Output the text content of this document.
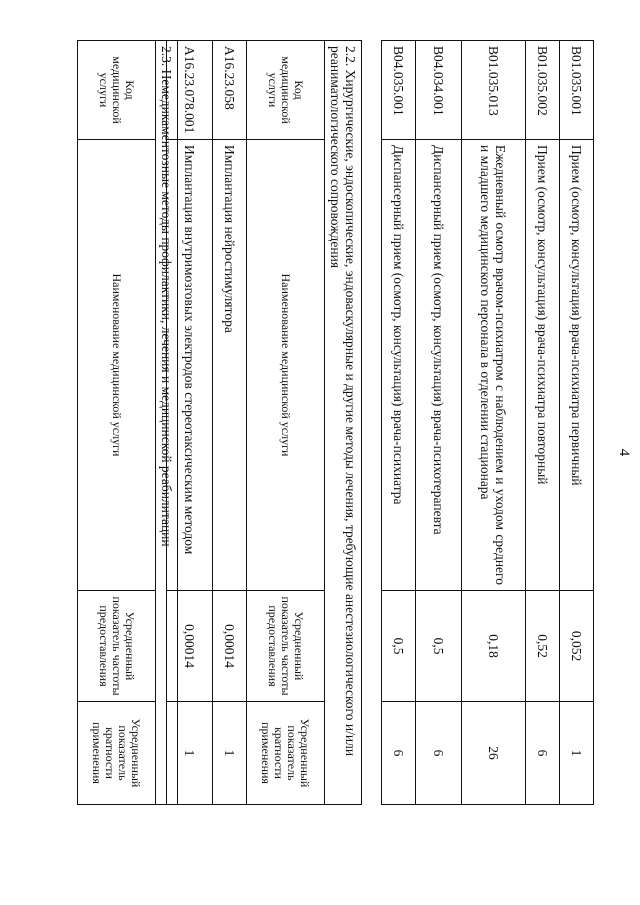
4
B01.035.001	Прием (осмотр, консультация) врача-психиатра первичный	0,052	1
B01.035.002	Прием (осмотр, консультация) врача-психиатра повторный	0,52	6
B01.035.013	Ежедневный осмотр врачом-психиатром с наблюдением и уходом среднего и младшего медицинского персонала в отделении стационара	0,18	26
B04.034.001	Диспансерный прием (осмотр, консультация) врача-психотерапевта	0,5	6
B04.035.001	Диспансерный прием (осмотр, консультация) врача-психиатра	0,5	6
2.2. Хирургические, эндоскопические, эндоваскулярные и другие методы лечения, требующие анестезиологического и/или реаниматологического сопровождения			
Код медицинской услуги	Наименование медицинской услуги	Усредненный показатель частоты предоставления	Усредненный показатель кратности применения
A16.23.058	Имплантация нейростимулятора	0,00014	1
A16.23.078.001	Имплантация внутримозговых электродов стереотаксическим методом	0,00014	1
2.3. Немедикаментозные методы профилактики, лечения и медицинской реабилитации
Код медицинской услуги	Наименование медицинской услуги	Усредненный показатель частоты предоставления	Усредненный показатель кратности применения
